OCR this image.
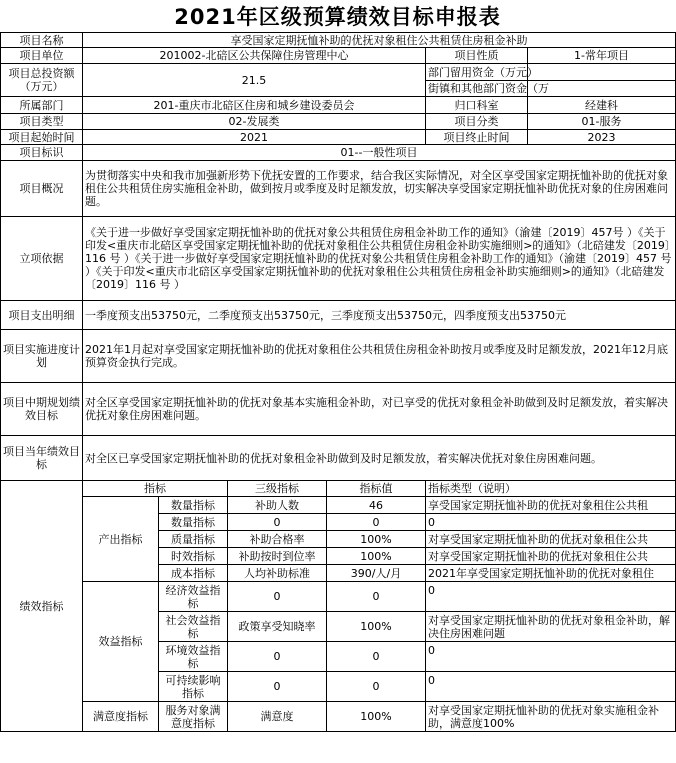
2021年区级预算绩效目标申报表
项目名称	享受国家定期抚恤补助的优抚对象租住公共租赁住房租金补助					
项目单位	201002-北碚区公共保障住房管理中心				项目性质	1-常年项目
项目总投资额（万元）	21.5				部门留用资金（万元）	
					街镇和其他部门资金（万	
所属部门	201-重庆市北碚区住房和城乡建设委员会				归口科室	经建科
项目类型	02-发展类				项目分类	01-服务
项目起始时间	2021				项目终止时间	2023
项目标识	01--一般性项目					
项目概况	为贯彻落实中央和我市加强新形势下优抚安置的工作要求，结合我区实际情况，对全区享受国家定期抚恤补助的优抚对象租住公共租赁住房实施租金补助，做到按月或季度及时足额发放，切实解决享受国家定期抚恤补助优抚对象的住房困难问题。					
立项依据	《关于进一步做好享受国家定期抚恤补助的优抚对象公共租赁住房租金补助工作的通知》（渝建〔2019〕457号 ）《关于印发<重庆市北碚区享受国家定期抚恤补助的优抚对象租住公共租赁住房租金补助实施细则>的通知》（北碚建发〔2019〕116 号 ）《关于进一步做好享受国家定期抚恤补助的优抚对象公共租赁住房租金补助工作的通知》（渝建〔2019〕457 号 ）《关于印发<重庆市北碚区享受国家定期抚恤补助的优抚对象租住公共租赁住房租金补助实施细则>的通知》（北碚建发〔2019〕116 号 ）					
项目支出明细	一季度预支出53750元，二季度预支出53750元，三季度预支出53750元，四季度预支出53750元					
项目实施进度计划	2021年1月起对享受国家定期抚恤补助的优抚对象租住公共租赁住房租金补助按月或季度及时足额发放，2021年12月底预算资金执行完成。					
项目中期规划绩效目标	对全区享受国家定期抚恤补助的优抚对象基本实施租金补助，对已享受的优抚对象租金补助做到及时足额发放，着实解决优抚对象住房困难问题。					
项目当年绩效目标	对全区已享受国家定期抚恤补助的优抚对象租金补助做到及时足额发放，着实解决优抚对象住房困难问题。					
绩效指标	指标		三级指标	指标值	指标类型（说明）	
	产出指标	数量指标	补助人数	46	享受国家定期抚恤补助的优抚对象租住公共租	
		数量指标	0	0	0	
		质量指标	补助合格率	100%	对享受国家定期抚恤补助的优抚对象租住公共	
		时效指标	补助按时到位率	100%	对享受国家定期抚恤补助的优抚对象租住公共	
		成本指标	人均补助标准	390/人/月	2021年享受国家定期抚恤补助的优抚对象租住	
	效益指标	经济效益指标	0	0	0	
		社会效益指标	政策享受知晓率	100%	对享受国家定期抚恤补助的优抚对象租金补助，解决住房困难问题	
		环境效益指标	0	0	0	
		可持续影响指标	0	0	0	
	满意度指标	服务对象满意度指标	满意度	100%	对享受国家定期抚恤补助的优抚对象实施租金补助，满意度100%	
